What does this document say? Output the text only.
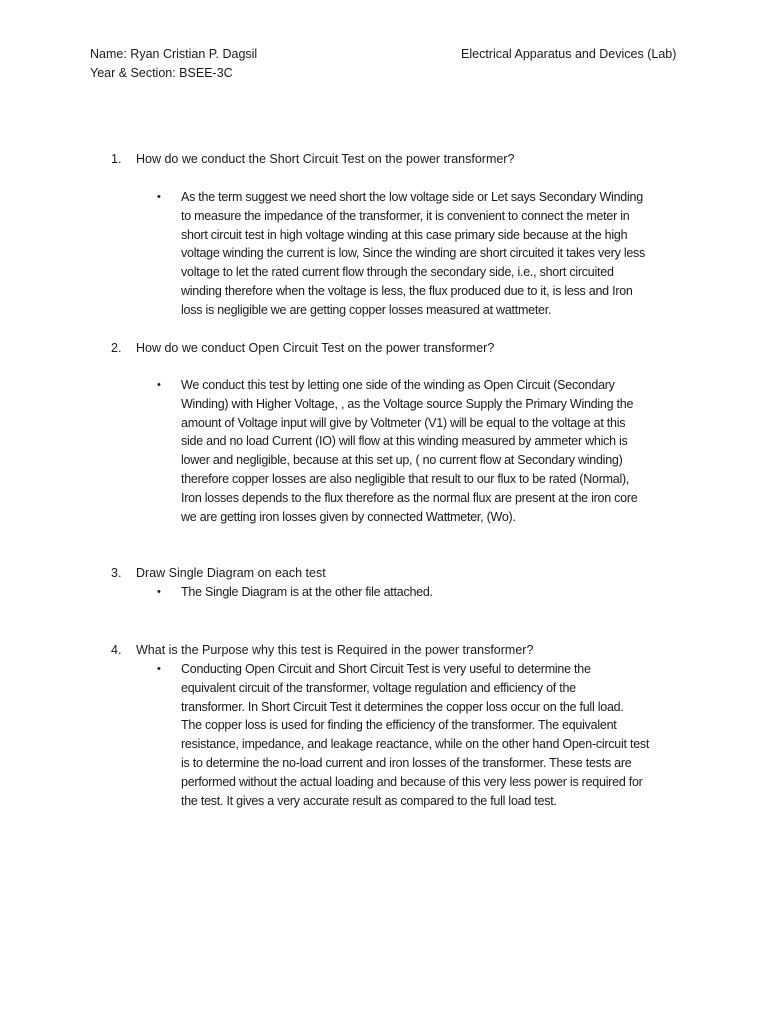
Name: Ryan Cristian P. Dagsil
Year & Section: BSEE-3C
Electrical Apparatus and Devices (Lab)
1. How do we conduct the Short Circuit Test on the power transformer?
• As the term suggest we need short the low voltage side or Let says Secondary Winding
to measure the impedance of the transformer, it is convenient to connect the meter in
short circuit test in high voltage winding at this case primary side because at the high
voltage winding the current is low, Since the winding are short circuited it takes very less
voltage to let the rated current flow through the secondary side, i.e., short circuited
winding therefore when the voltage is less, the flux produced due to it, is less and Iron
loss is negligible we are getting copper losses measured at wattmeter.
2. How do we conduct Open Circuit Test on the power transformer?
• We conduct this test by letting one side of the winding as Open Circuit (Secondary
Winding) with Higher Voltage, , as the Voltage source Supply the Primary Winding the
amount of Voltage input will give by Voltmeter (V1) will be equal to the voltage at this
side and no load Current (IO) will flow at this winding measured by ammeter which is
lower and negligible, because at this set up, ( no current flow at Secondary winding)
therefore copper losses are also negligible that result to our flux to be rated (Normal),
Iron losses depends to the flux therefore as the normal flux are present at the iron core
we are getting iron losses given by connected Wattmeter, (Wo).
3. Draw Single Diagram on each test
• The Single Diagram is at the other file attached.
4. What is the Purpose why this test is Required in the power transformer?
• Conducting Open Circuit and Short Circuit Test is very useful to determine the
equivalent circuit of the transformer, voltage regulation and efficiency of the
transformer. In Short Circuit Test it determines the copper loss occur on the full load.
The copper loss is used for finding the efficiency of the transformer. The equivalent
resistance, impedance, and leakage reactance, while on the other hand Open-circuit test
is to determine the no-load current and iron losses of the transformer. These tests are
performed without the actual loading and because of this very less power is required for
the test. It gives a very accurate result as compared to the full load test.
